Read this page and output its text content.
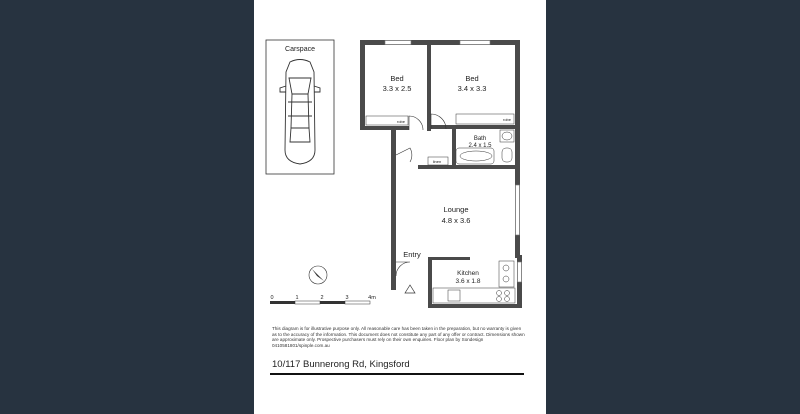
Carspace
Bed
3.3 x 2.5
Bed
3.4 x 3.3
Bath
2.4 x 1.5
Lounge
4.8 x 3.6
Kitchen
3.6 x 1.8
robe	robe
linen
Entry
0	1	2	3	4m
This diagram is for illustrative purpose only. All reasonable care has been taken in the preparation, but no warranty is given as to the accuracy of the information. This document does not constitute any part of any offer or contract. Dimensions shown are approximate only. Prospective purchasers must rely on their own enquiries. Floor plan by Sondesign 0410581801/spinple.com.au
10/117 Bunnerong Rd, Kingsford
